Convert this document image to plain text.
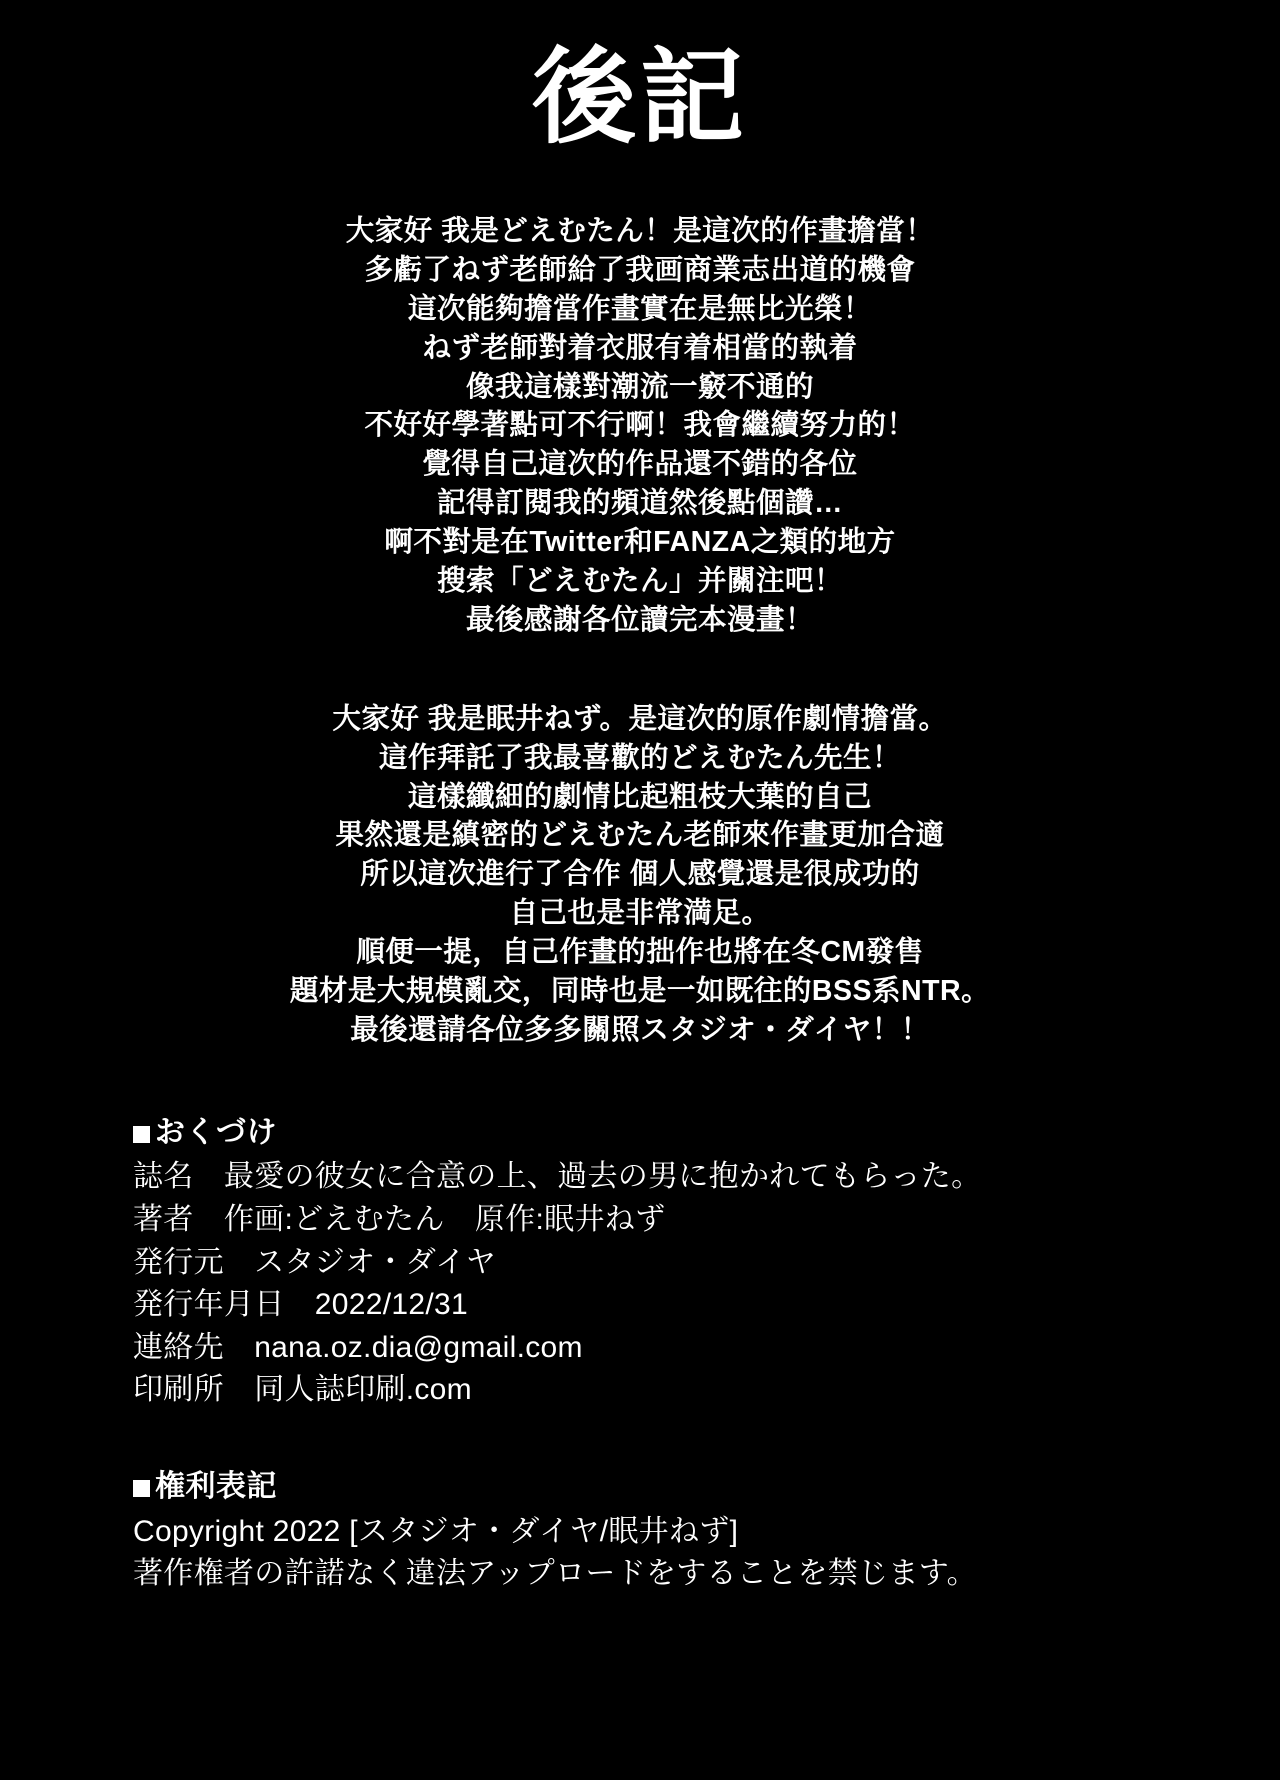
後記

大家好 我是どえむたん！是這次的作畫擔當！

多虧了ねず老師給了我画商業志出道的機會

這次能夠擔當作畫實在是無比光榮！

ねず老師對着衣服有着相當的執着

像我這樣對潮流一竅不通的

不好好學著點可不行啊！我會繼續努力的！

覺得自己這次的作品還不錯的各位

記得訂閱我的頻道然後點個讚…

啊不對是在Twitter和FANZA之類的地方

搜索「どえむたん」并關注吧！

最後感謝各位讀完本漫畫！

大家好 我是眠井ねず。是這次的原作劇情擔當。

這作拜託了我最喜歡的どえむたん先生！

這樣纖細的劇情比起粗枝大葉的自己

果然還是縝密的どえむたん老師來作畫更加合適

所以這次進行了合作 個人感覺還是很成功的

自己也是非常満足。

順便一提，自己作畫的拙作也將在冬CM發售

題材是大規模亂交，同時也是一如既往的BSS系NTR。

最後還請各位多多關照スタジオ・ダイヤ！！

おくづけ

誌名　最愛の彼女に合意の上、過去の男に抱かれてもらった。

著者　作画:どえむたん　原作:眠井ねず

発行元　スタジオ・ダイヤ

発行年月日　2022/12/31

連絡先　nana.oz.dia@gmail.com

印刷所　同人誌印刷.com

権利表記

Copyright 2022 [スタジオ・ダイヤ/眠井ねず]

著作権者の許諾なく違法アップロードをすることを禁じます。
